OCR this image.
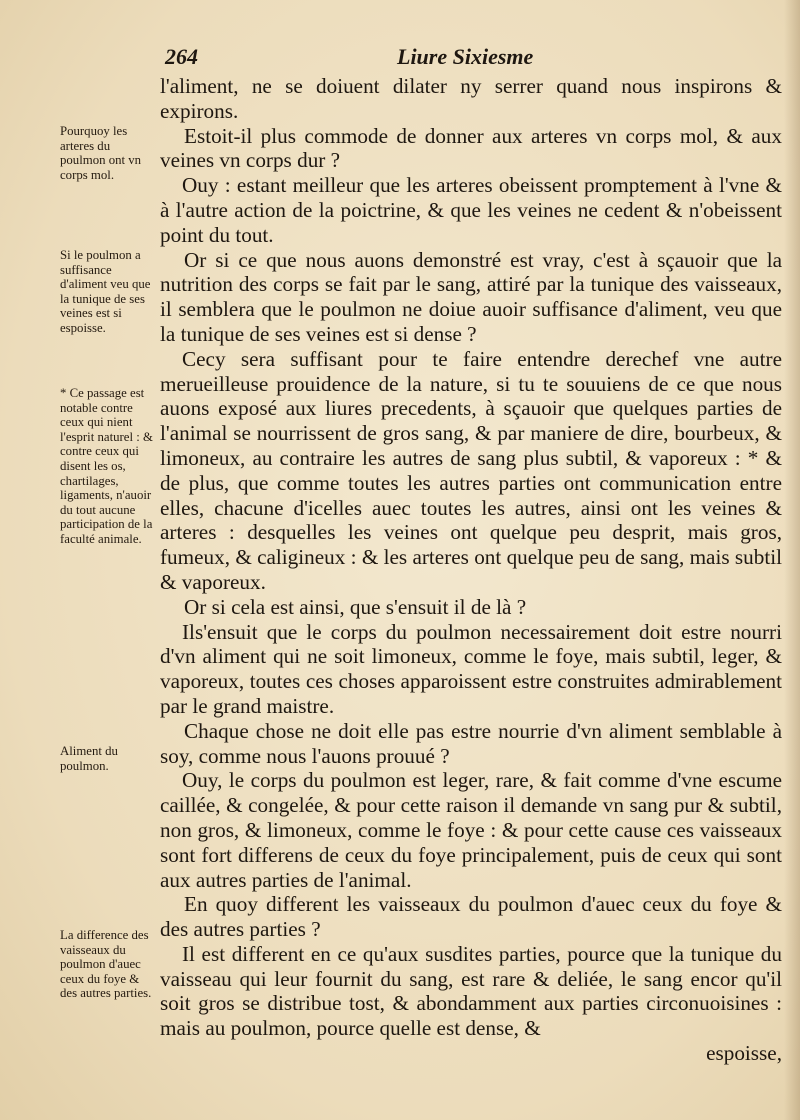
264	Liure Sixiesme
Pourquoy les arteres du poulmon ont vn corps mol.
Si le poulmon a suffisance d'aliment veu que la tunique de ses veines est si espoisse.
* Ce passage est notable contre ceux qui nient l'esprit naturel : & contre ceux qui disent les os, chartilages, ligaments, n'auoir du tout aucune participation de la faculté animale.
Aliment du poulmon.
La difference des vaisseaux du poulmon d'auec ceux du foye & des autres parties.

l'aliment, ne se doiuent dilater ny serrer quand nous inspirons & expirons.

Estoit-il plus commode de donner aux arteres vn corps mol, & aux veines vn corps dur ?

Ouy : estant meilleur que les arteres obeissent promptement à l'vne & à l'autre action de la poictrine, & que les veines ne cedent & n'obeissent point du tout.

Or si ce que nous auons demonstré est vray, c'est à sçauoir que la nutrition des corps se fait par le sang, attiré par la tunique des vaisseaux, il semblera que le poulmon ne doiue auoir suffisance d'aliment, veu que la tunique de ses veines est si dense ?

Cecy sera suffisant pour te faire entendre derechef vne autre merueilleuse prouidence de la nature, si tu te souuiens de ce que nous auons exposé aux liures precedents, à sçauoir que quelques parties de l'animal se nourrissent de gros sang, & par maniere de dire, bourbeux, & limoneux, au contraire les autres de sang plus subtil, & vaporeux : * & de plus, que comme toutes les autres parties ont communication entre elles, chacune d'icelles auec toutes les autres, ainsi ont les veines & arteres : desquelles les veines ont quelque peu desprit, mais gros, fumeux, & caligineux : & les arteres ont quelque peu de sang, mais subtil & vaporeux.

Or si cela est ainsi, que s'ensuit il de là ?

Ils'ensuit que le corps du poulmon necessairement doit estre nourri d'vn aliment qui ne soit limoneux, comme le foye, mais subtil, leger, & vaporeux, toutes ces choses apparoissent estre construites admirablement par le grand maistre.

Chaque chose ne doit elle pas estre nourrie d'vn aliment semblable à soy, comme nous l'auons prouué ?

Ouy, le corps du poulmon est leger, rare, & fait comme d'vne escume caillée, & congelée, & pour cette raison il demande vn sang pur & subtil, non gros, & limoneux, comme le foye : & pour cette cause ces vaisseaux sont fort differens de ceux du foye principalement, puis de ceux qui sont aux autres parties de l'animal.

En quoy different les vaisseaux du poulmon d'auec ceux du foye & des autres parties ?

Il est different en ce qu'aux susdites parties, pource que la tunique du vaisseau qui leur fournit du sang, est rare & deliée, le sang encor qu'il soit gros se distribue tost, & abondamment aux parties circonuoisines : mais au poulmon, pource quelle est dense, &

espoisse,
